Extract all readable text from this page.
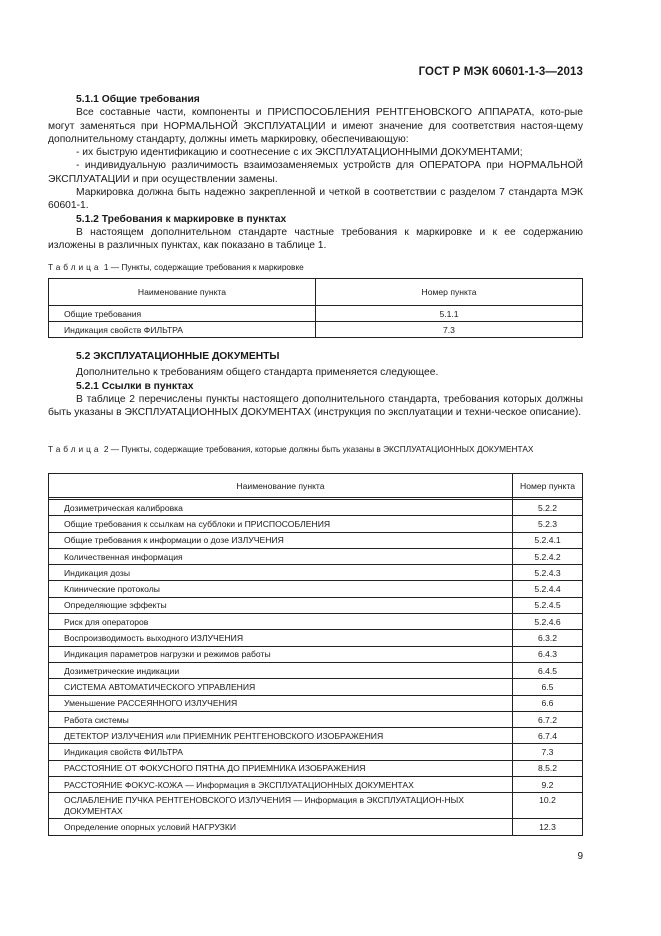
ГОСТ Р МЭК 60601-1-3—2013

5.1.1 Общие требования

Все составные части, компоненты и ПРИСПОСОБЛЕНИЯ РЕНТГЕНОВСКОГО АППАРАТА, кото-рые могут заменяться при НОРМАЛЬНОЙ ЭКСПЛУАТАЦИИ и имеют значение для соответствия настоя-щему дополнительному стандарту, должны иметь маркировку, обеспечивающую:

- их быструю идентификацию и соотнесение с их ЭКСПЛУАТАЦИОННЫМИ ДОКУМЕНТАМИ;

- индивидуальную различимость взаимозаменяемых устройств для ОПЕРАТОРА при НОРМАЛЬНОЙ ЭКСПЛУАТАЦИИ и при осуществлении замены.

Маркировка должна быть надежно закрепленной и четкой в соответствии с разделом 7 стандарта МЭК 60601-1.

5.1.2 Требования к маркировке в пунктах

В настоящем дополнительном стандарте частные требования к маркировке и к ее содержанию изложены в различных пунктах, как показано в таблице 1.

Таблица 1 — Пункты, содержащие требования к маркировке
Наименование пункта	Номер пункта
Общие требования	5.1.1
Индикация свойств ФИЛЬТРА	7.3

5.2 ЭКСПЛУАТАЦИОННЫЕ ДОКУМЕНТЫ

Дополнительно к требованиям общего стандарта применяется следующее.

5.2.1 Ссылки в пунктах

В таблице 2 перечислены пункты настоящего дополнительного стандарта, требования которых должны быть указаны в ЭКСПЛУАТАЦИОННЫХ ДОКУМЕНТАХ (инструкция по эксплуатации и техни-ческое описание).

Таблица 2 — Пункты, содержащие требования, которые должны быть указаны в ЭКСПЛУАТАЦИОННЫХ ДОКУМЕНТАХ
Наименование пункта	Номер пункта

Дозиметрическая калибровка	5.2.2
Общие требования к ссылкам на субблоки и ПРИСПОСОБЛЕНИЯ	5.2.3
Общие требования к информации о дозе ИЗЛУЧЕНИЯ	5.2.4.1
Количественная информация	5.2.4.2
Индикация дозы	5.2.4.3
Клинические протоколы	5.2.4.4
Определяющие эффекты	5.2.4.5
Риск для операторов	5.2.4.6
Воспроизводимость выходного ИЗЛУЧЕНИЯ	6.3.2
Индикация параметров нагрузки и режимов работы	6.4.3
Дозиметрические индикации	6.4.5
СИСТЕМА АВТОМАТИЧЕСКОГО УПРАВЛЕНИЯ	6.5
Уменьшение РАССЕЯННОГО ИЗЛУЧЕНИЯ	6.6
Работа системы	6.7.2
ДЕТЕКТОР ИЗЛУЧЕНИЯ или ПРИЕМНИК РЕНТГЕНОВСКОГО ИЗОБРАЖЕНИЯ	6.7.4
Индикация свойств ФИЛЬТРА	7.3
РАССТОЯНИЕ ОТ ФОКУСНОГО ПЯТНА ДО ПРИЕМНИКА ИЗОБРАЖЕНИЯ	8.5.2
РАССТОЯНИЕ ФОКУС-КОЖА — Информация в ЭКСПЛУАТАЦИОННЫХ ДОКУМЕНТАХ	9.2
ОСЛАБЛЕНИЕ ПУЧКА РЕНТГЕНОВСКОГО ИЗЛУЧЕНИЯ — Информация в ЭКСПЛУАТАЦИОН-НЫХ ДОКУМЕНТАХ	10.2
Определение опорных условий НАГРУЗКИ	12.3
9
